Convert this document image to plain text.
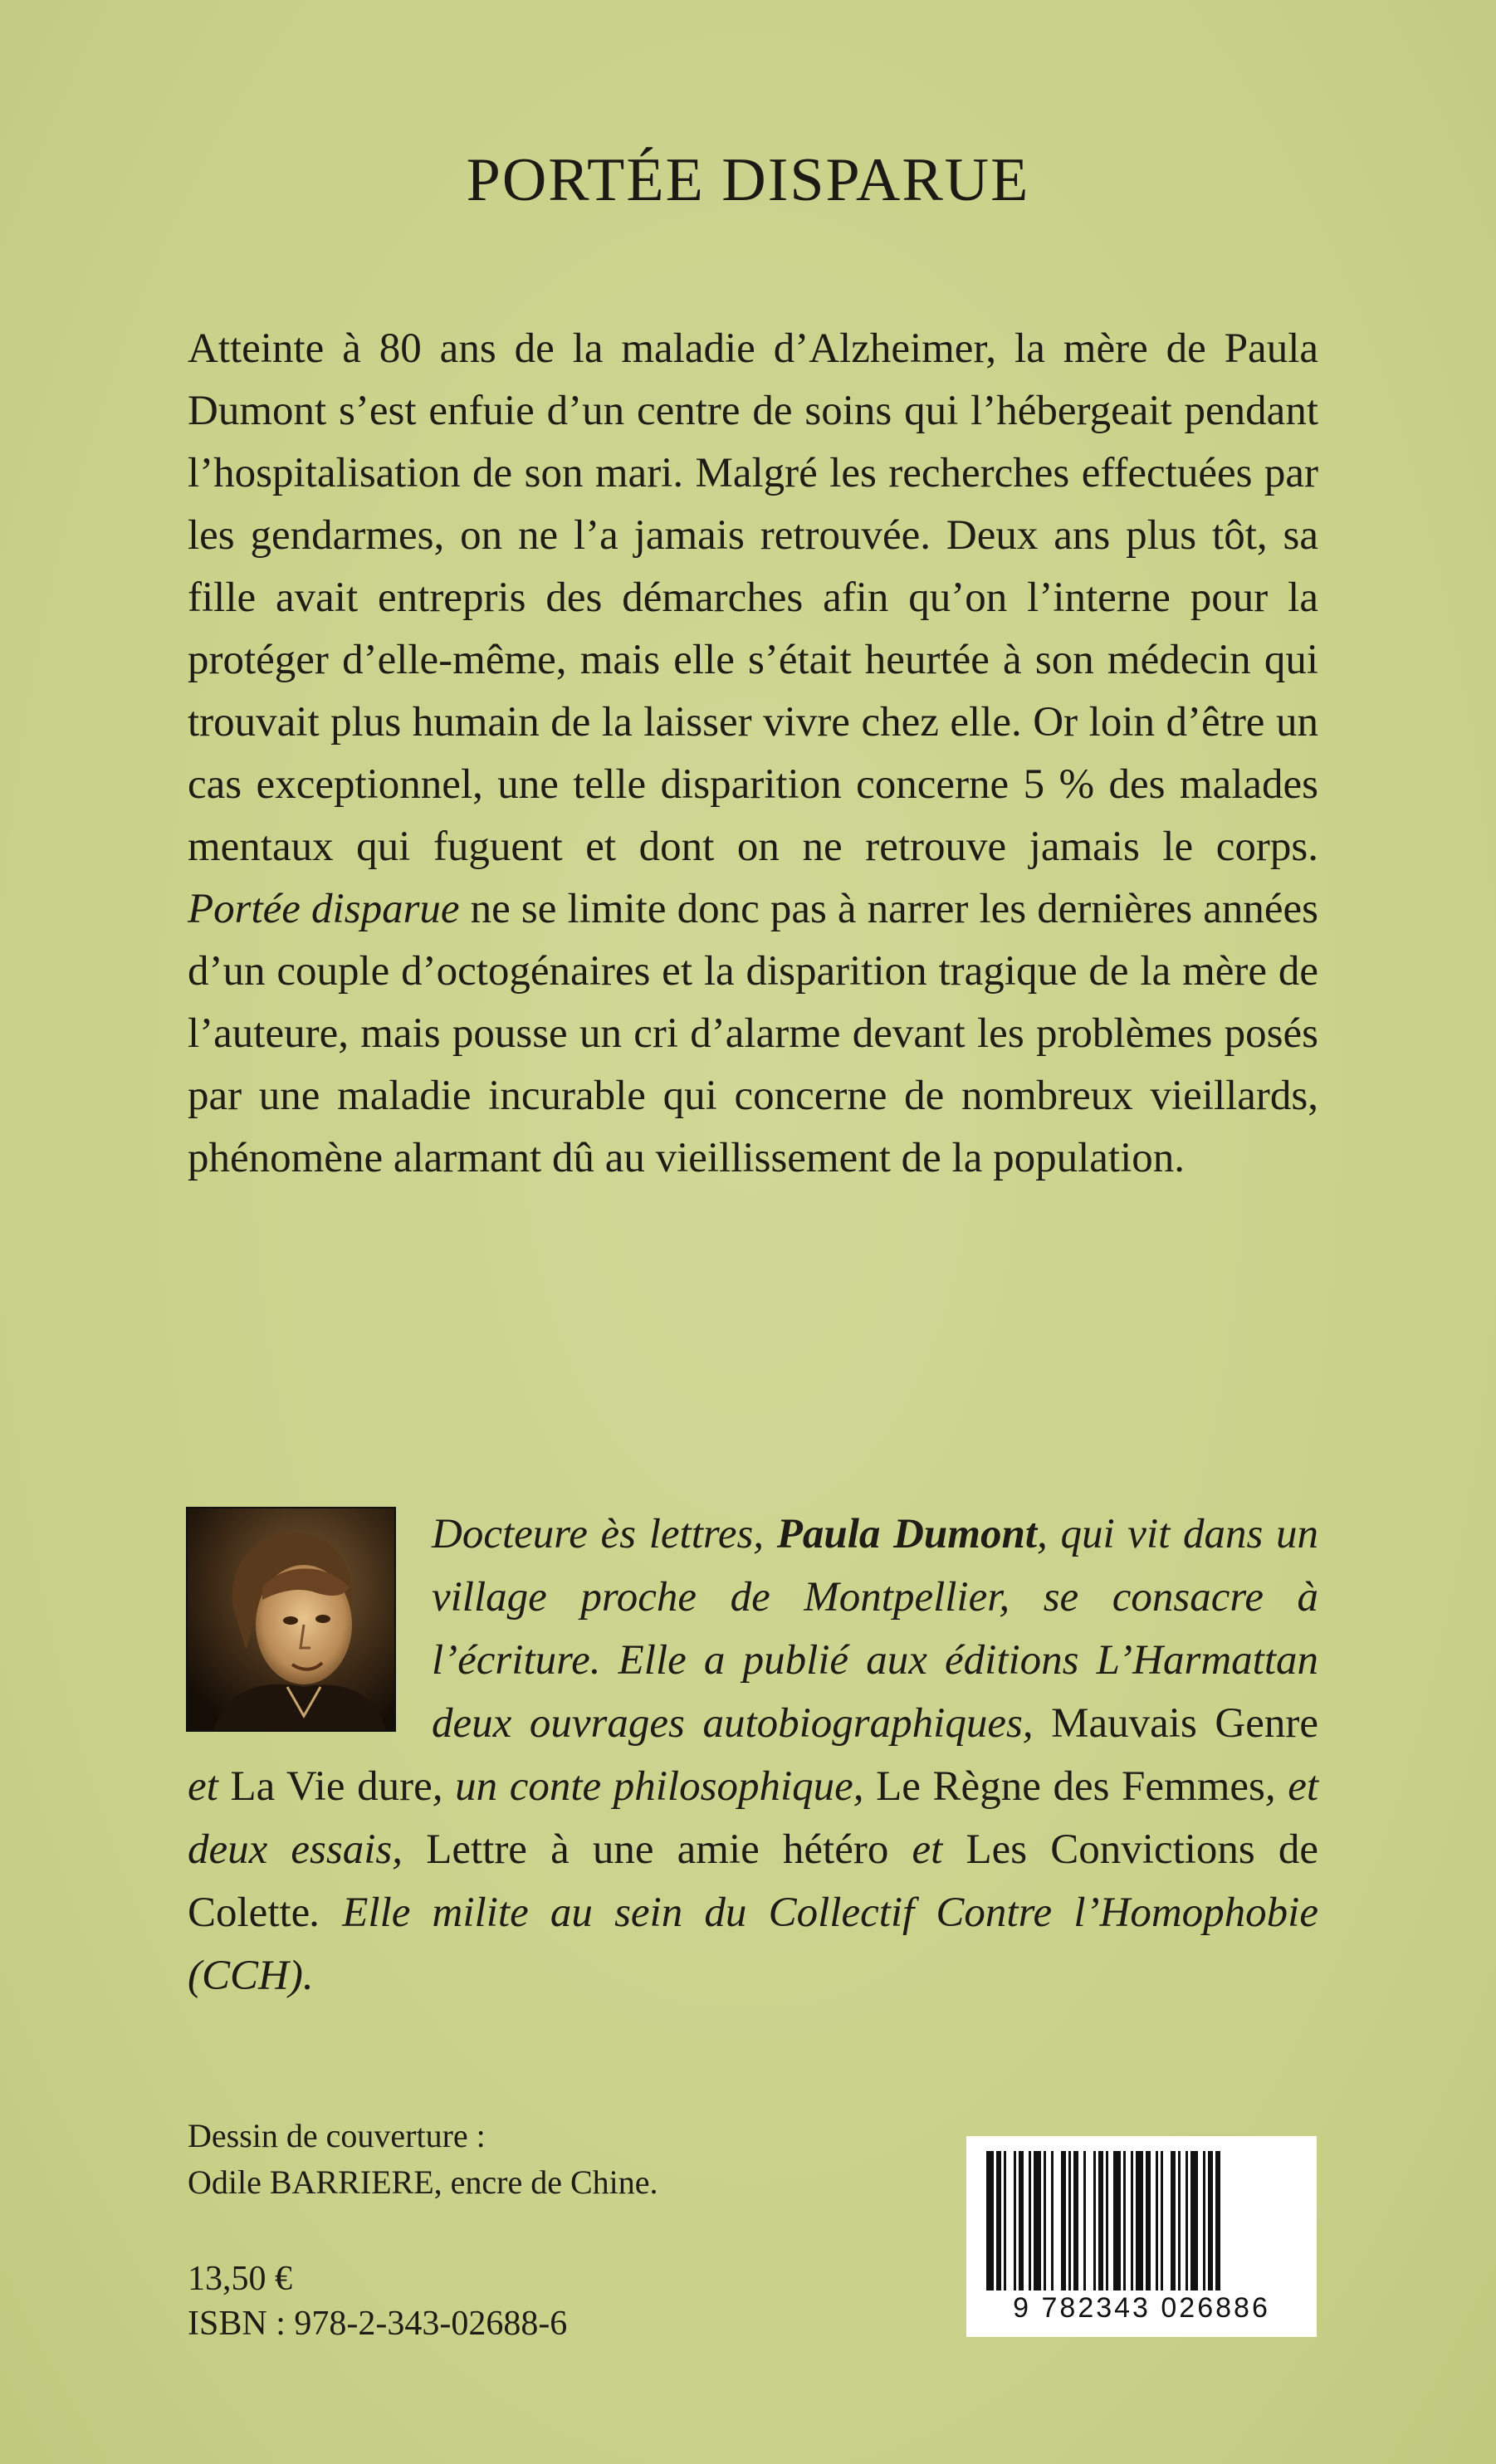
PORTÉE DISPARUE
Atteinte à 80 ans de la maladie d’Alzheimer, la mère de Paula Dumont s’est enfuie d’un centre de soins qui l’hébergeait pendant l’hospitalisation de son mari. Malgré les recherches effectuées par les gendarmes, on ne l’a jamais retrouvée. Deux ans plus tôt, sa fille avait entrepris des démarches afin qu’on l’interne pour la protéger d’elle-même, mais elle s’était heurtée à son médecin qui trouvait plus humain de la laisser vivre chez elle. Or loin d’être un cas exceptionnel, une telle disparition concerne 5 % des malades mentaux qui fuguent et dont on ne retrouve jamais le corps. Portée disparue ne se limite donc pas à narrer les dernières années d’un couple d’octogénaires et la disparition tragique de la mère de l’auteure, mais pousse un cri d’alarme devant les problèmes posés par une maladie incurable qui concerne de nombreux vieillards, phénomène alarmant dû au vieillissement de la population.
Docteure ès lettres, Paula Dumont, qui vit dans un village proche de Montpellier, se consacre à l’écriture. Elle a publié aux éditions L’Harmattan deux ouvrages autobiographiques, Mauvais Genre et La Vie dure, un conte philosophique, Le Règne des Femmes, et deux essais, Lettre à une amie hétéro et Les Convictions de Colette. Elle milite au sein du Collectif Contre l’Homophobie (CCH).
Dessin de couverture :
Odile BARRIERE, encre de Chine.
13,50 €
ISBN : 978-2-343-02688-6	9 782343 026886
